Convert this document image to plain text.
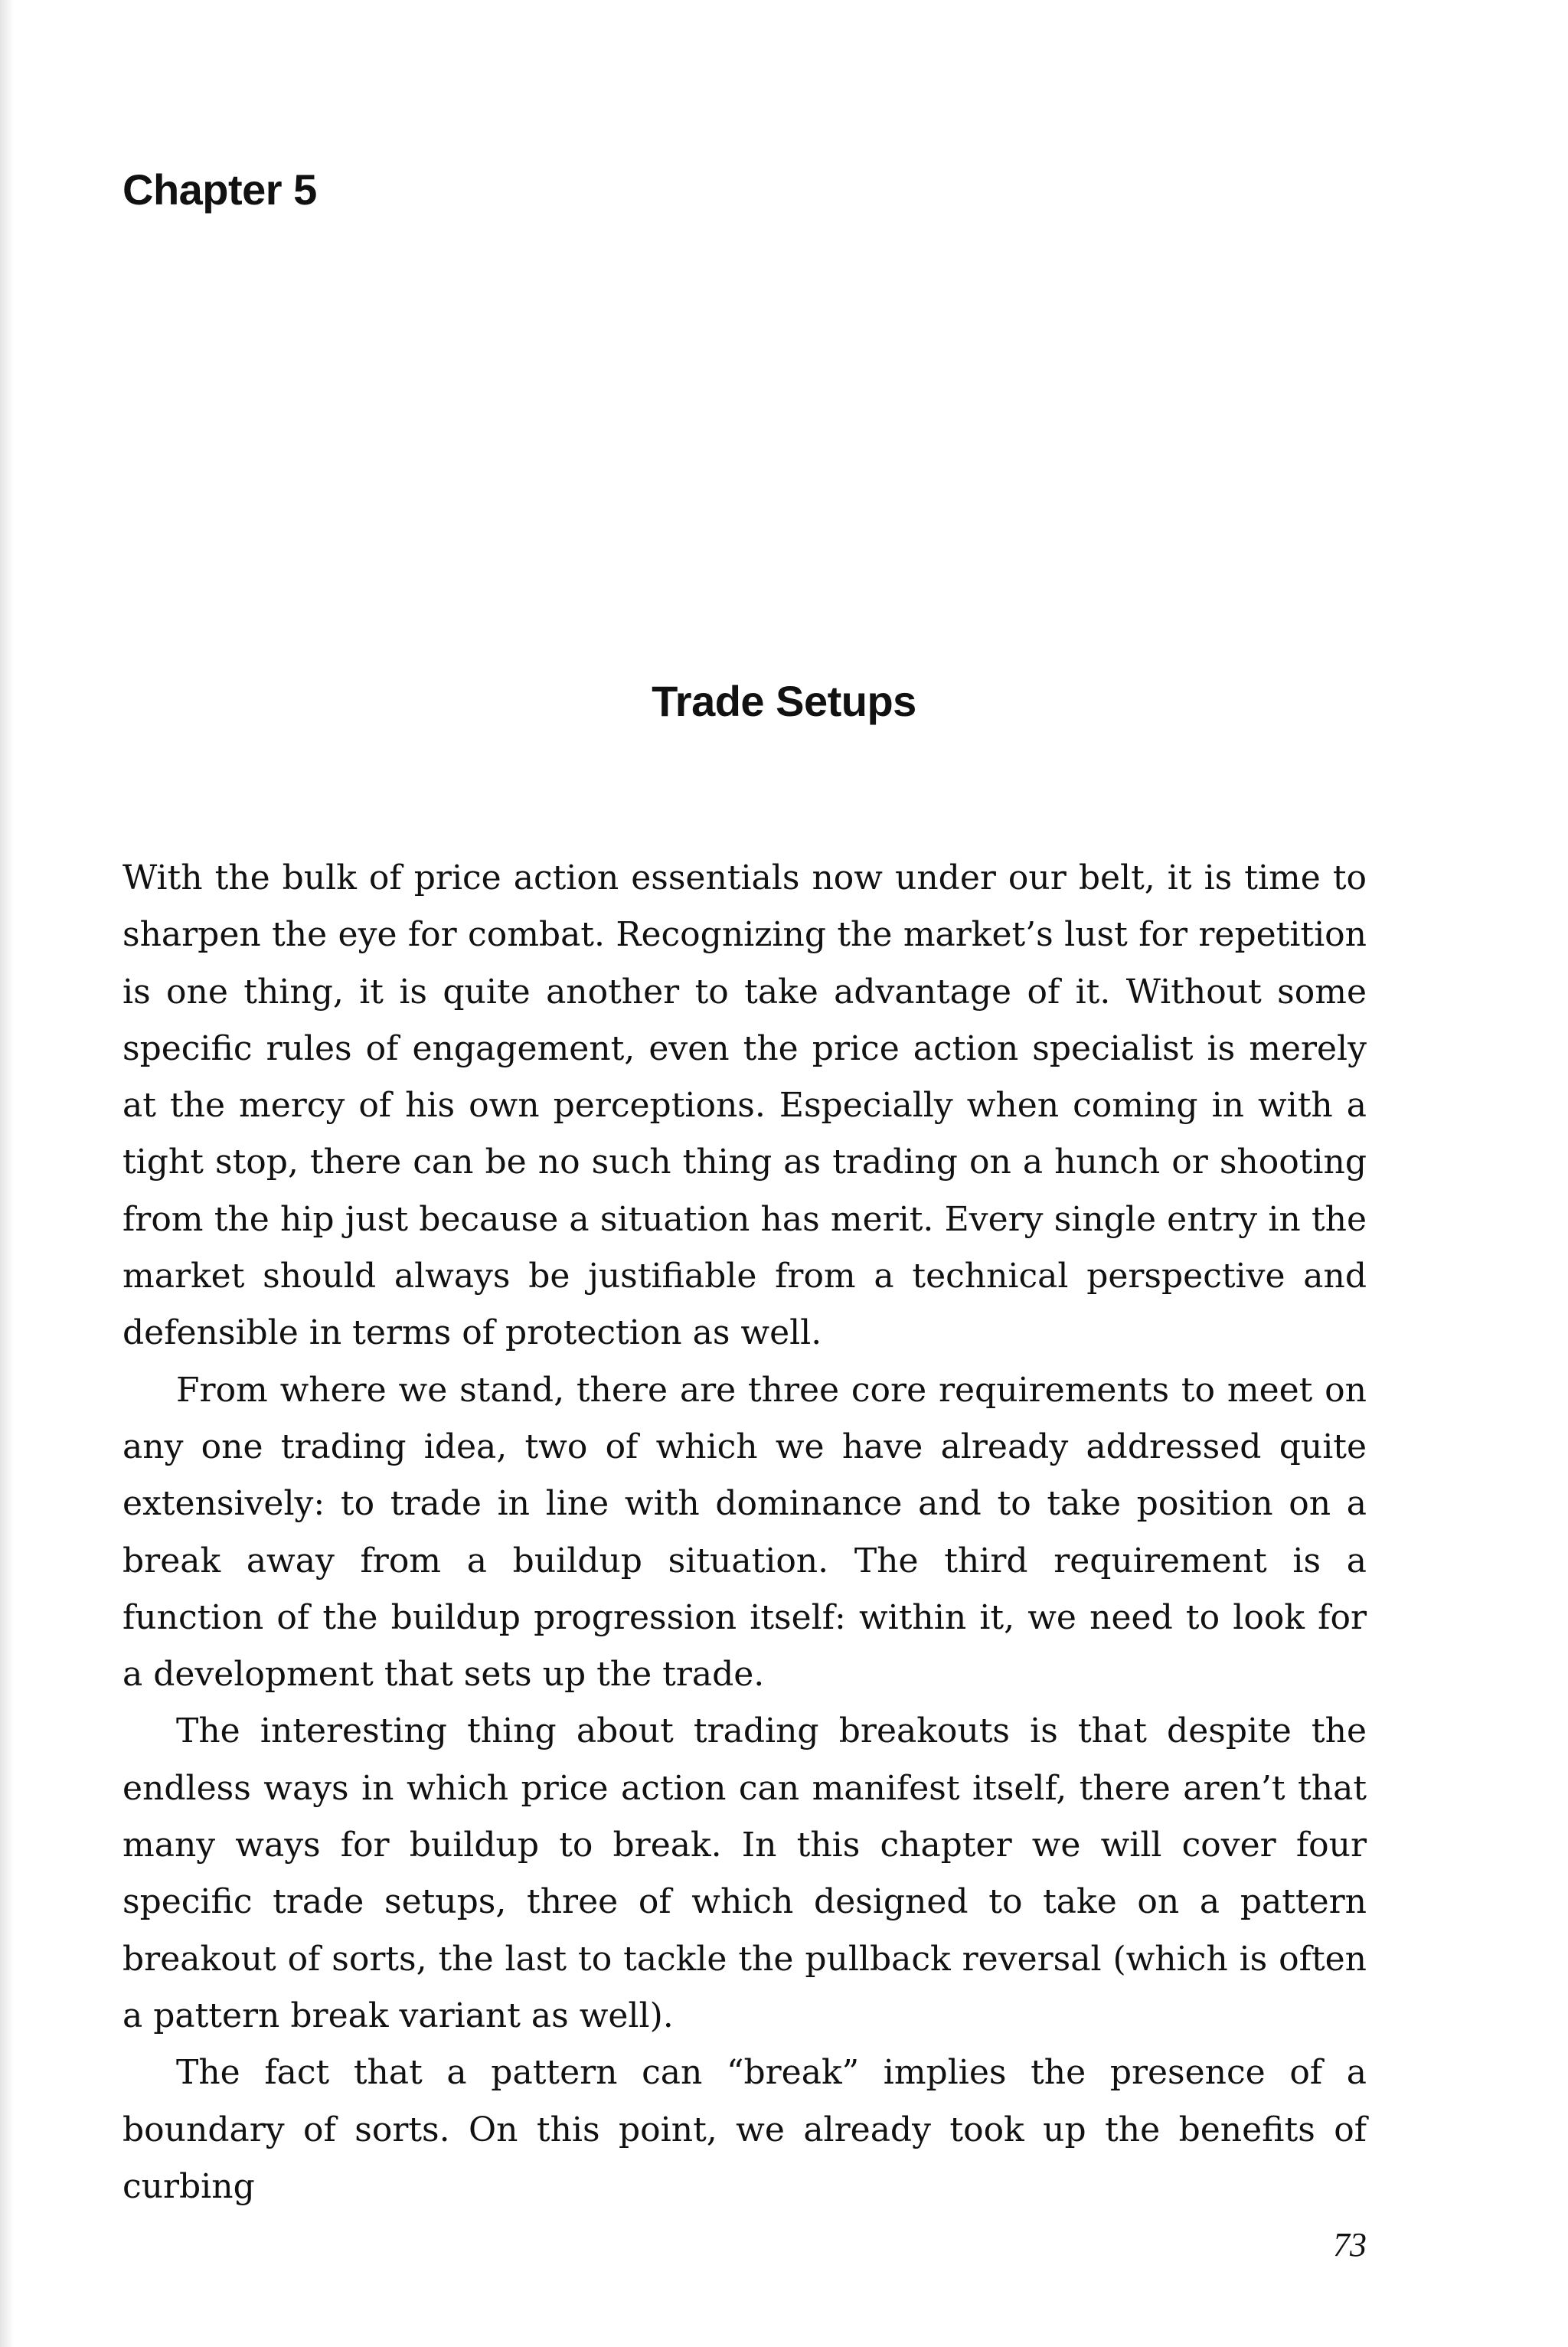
Chapter 5
Trade Setups

With the bulk of price action essentials now under our belt, it is time to sharpen the eye for combat. Recognizing the market’s lust for repetition is one thing, it is quite another to take advantage of it. Without some specific rules of engagement, even the price action specialist is merely at the mercy of his own perceptions. Especially when coming in with a tight stop, there can be no such thing as trading on a hunch or shooting from the hip just because a situation has merit. Every single entry in the market should always be justifiable from a technical perspective and defensible in terms of protection as well.

From where we stand, there are three core requirements to meet on any one trading idea, two of which we have already addressed quite extensively: to trade in line with dominance and to take position on a break away from a buildup situation. The third requirement is a function of the buildup progression itself: within it, we need to look for a development that sets up the trade.

The interesting thing about trading breakouts is that despite the endless ways in which price action can manifest itself, there aren’t that many ways for buildup to break. In this chapter we will cover four specific trade setups, three of which designed to take on a pattern breakout of sorts, the last to tackle the pullback reversal (which is often a pattern break variant as well).

The fact that a pattern can “break” implies the presence of a boundary of sorts. On this point, we already took up the benefits of curbing

73
